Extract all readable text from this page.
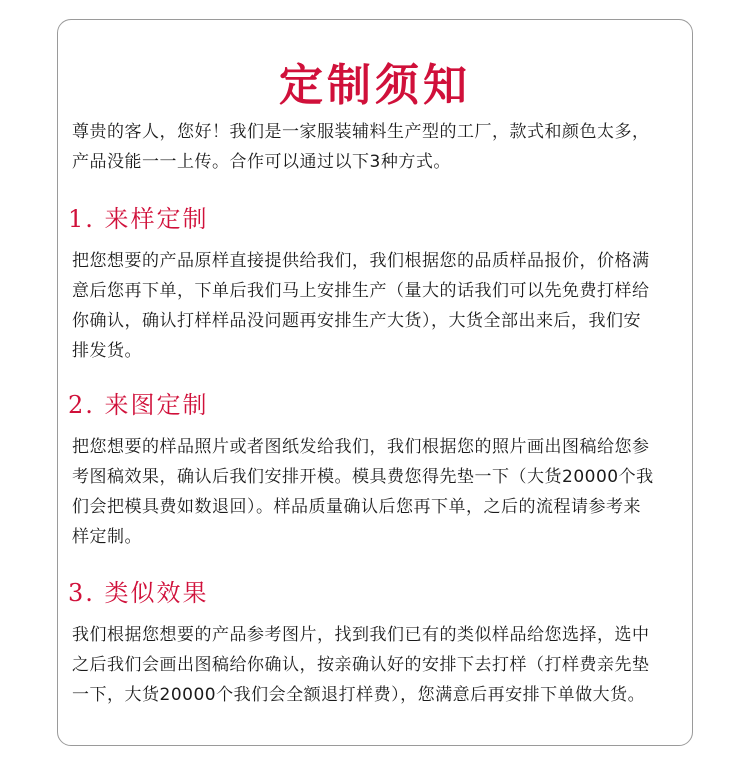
定制须知

尊贵的客人，您好！我们是一家服装辅料生产型的工厂，款式和颜色太多，
产品没能一一上传。合作可以通过以下3种方式。

1. 来样定制

把您想要的产品原样直接提供给我们，我们根据您的品质样品报价，价格满
意后您再下单，下单后我们马上安排生产（量大的话我们可以先免费打样给
你确认，确认打样样品没问题再安排生产大货），大货全部出来后，我们安
排发货。

2. 来图定制

把您想要的样品照片或者图纸发给我们，我们根据您的照片画出图稿给您参
考图稿效果，确认后我们安排开模。模具费您得先垫一下（大货20000个我
们会把模具费如数退回）。样品质量确认后您再下单，之后的流程请参考来
样定制。

3. 类似效果

我们根据您想要的产品参考图片，找到我们已有的类似样品给您选择，选中
之后我们会画出图稿给你确认，按亲确认好的安排下去打样（打样费亲先垫
一下，大货20000个我们会全额退打样费），您满意后再安排下单做大货。
